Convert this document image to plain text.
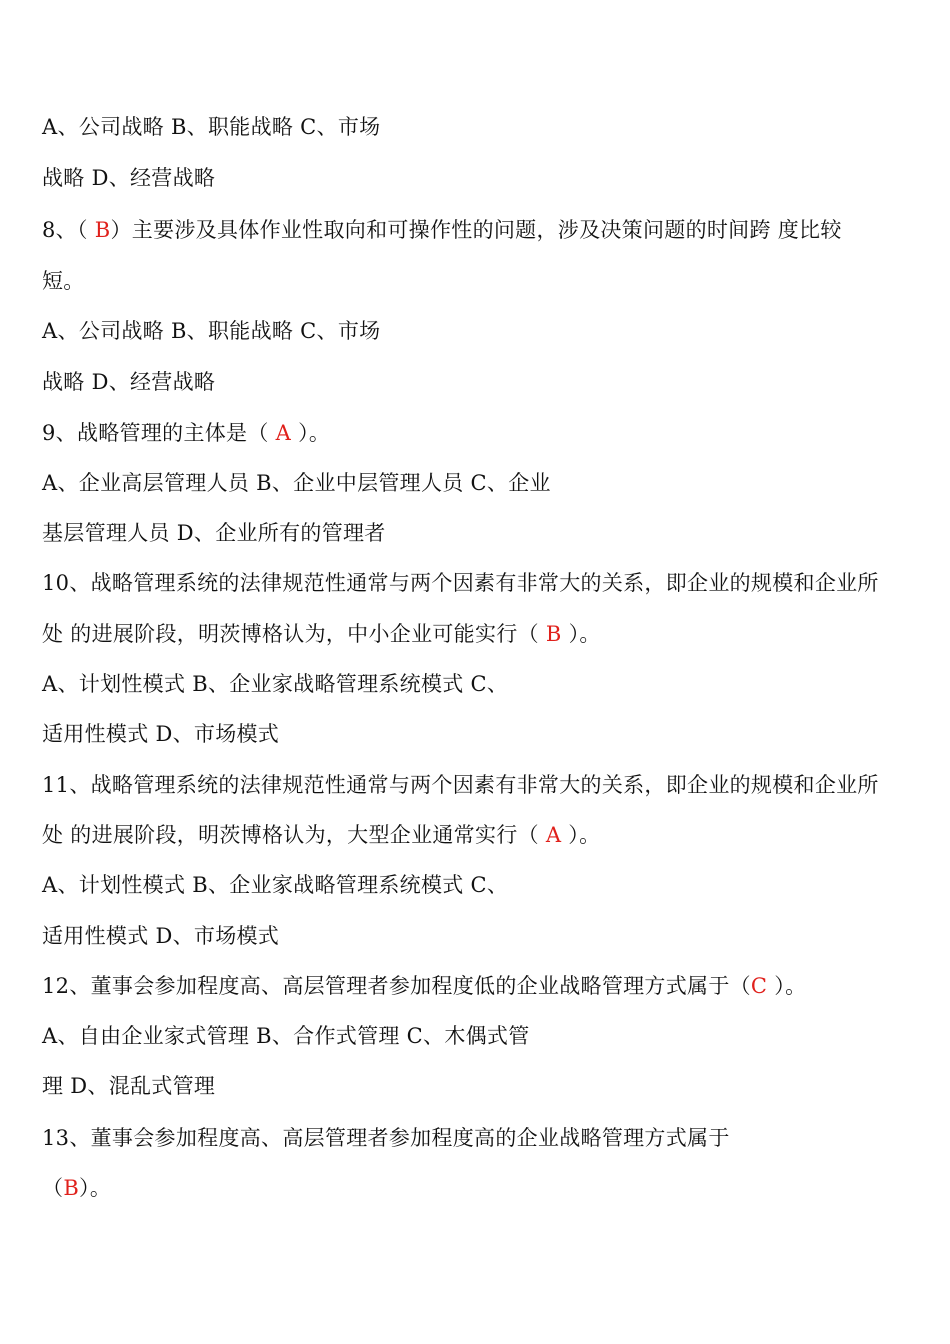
A、公司战略 B、职能战略 C、市场
战略 D、经营战略
8、（ B）主要涉及具体作业性取向和可操作性的问题，涉及决策问题的时间跨 度比较
短。
A、公司战略 B、职能战略 C、市场
战略 D、经营战略
9、战略管理的主体是（ A ）。
A、企业高层管理人员 B、企业中层管理人员 C、企业
基层管理人员 D、企业所有的管理者
10、战略管理系统的法律规范性通常与两个因素有非常大的关系，即企业的规模和企业所
处 的进展阶段，明茨博格认为，中小企业可能实行（ B ）。
A、计划性模式 B、企业家战略管理系统模式 C、
适用性模式 D、市场模式
11、战略管理系统的法律规范性通常与两个因素有非常大的关系，即企业的规模和企业所
处 的进展阶段，明茨博格认为，大型企业通常实行（ A ）。
A、计划性模式 B、企业家战略管理系统模式 C、
适用性模式 D、市场模式
12、董事会参加程度高、高层管理者参加程度低的企业战略管理方式属于（C ）。
A、自由企业家式管理 B、合作式管理 C、木偶式管
理 D、混乱式管理
13、董事会参加程度高、高层管理者参加程度高的企业战略管理方式属于
（B）。
